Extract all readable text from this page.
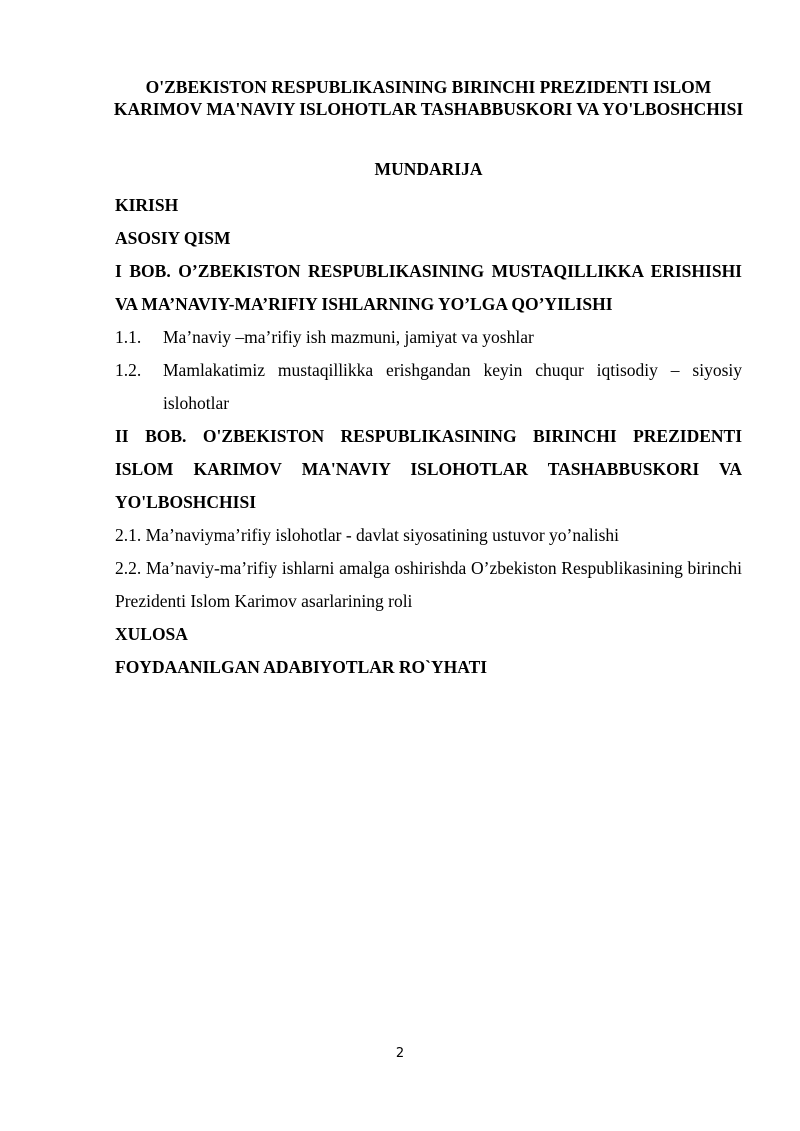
O'ZBEKISTON RESPUBLIKASINING BIRINCHI PREZIDENTI ISLOM KARIMOV MA'NAVIY ISLOHOTLAR TASHABBUSKORI VA YO'LBOSHCHISI
MUNDARIJA
KIRISH
ASOSIY QISM
I BOB. O’ZBEKISTON RESPUBLIKASINING MUSTAQILLIKKA ERISHISHI VA MA’NAVIY-MA’RIFIY ISHLARNING YO’LGA QO’YILISHI
1.1.	Ma’naviy –ma’rifiy ish mazmuni, jamiyat va yoshlar
1.2.	Mamlakatimiz mustaqillikka erishgandan keyin chuqur iqtisodiy – siyosiy islohotlar
II BOB. O'ZBEKISTON RESPUBLIKASINING BIRINCHI PREZIDENTI ISLOM KARIMOV MA'NAVIY ISLOHOTLAR TASHABBUSKORI VA YO'LBOSHCHISI
2.1. Ma’naviyma’rifiy islohotlar - davlat siyosatining ustuvor yo’nalishi
2.2. Ma’naviy-ma’rifiy ishlarni amalga oshirishda O’zbekiston Respublikasining birinchi Prezidenti Islom Karimov asarlarining roli
XULOSA
FOYDAANILGAN ADABIYOTLAR RO`YHATI
2
